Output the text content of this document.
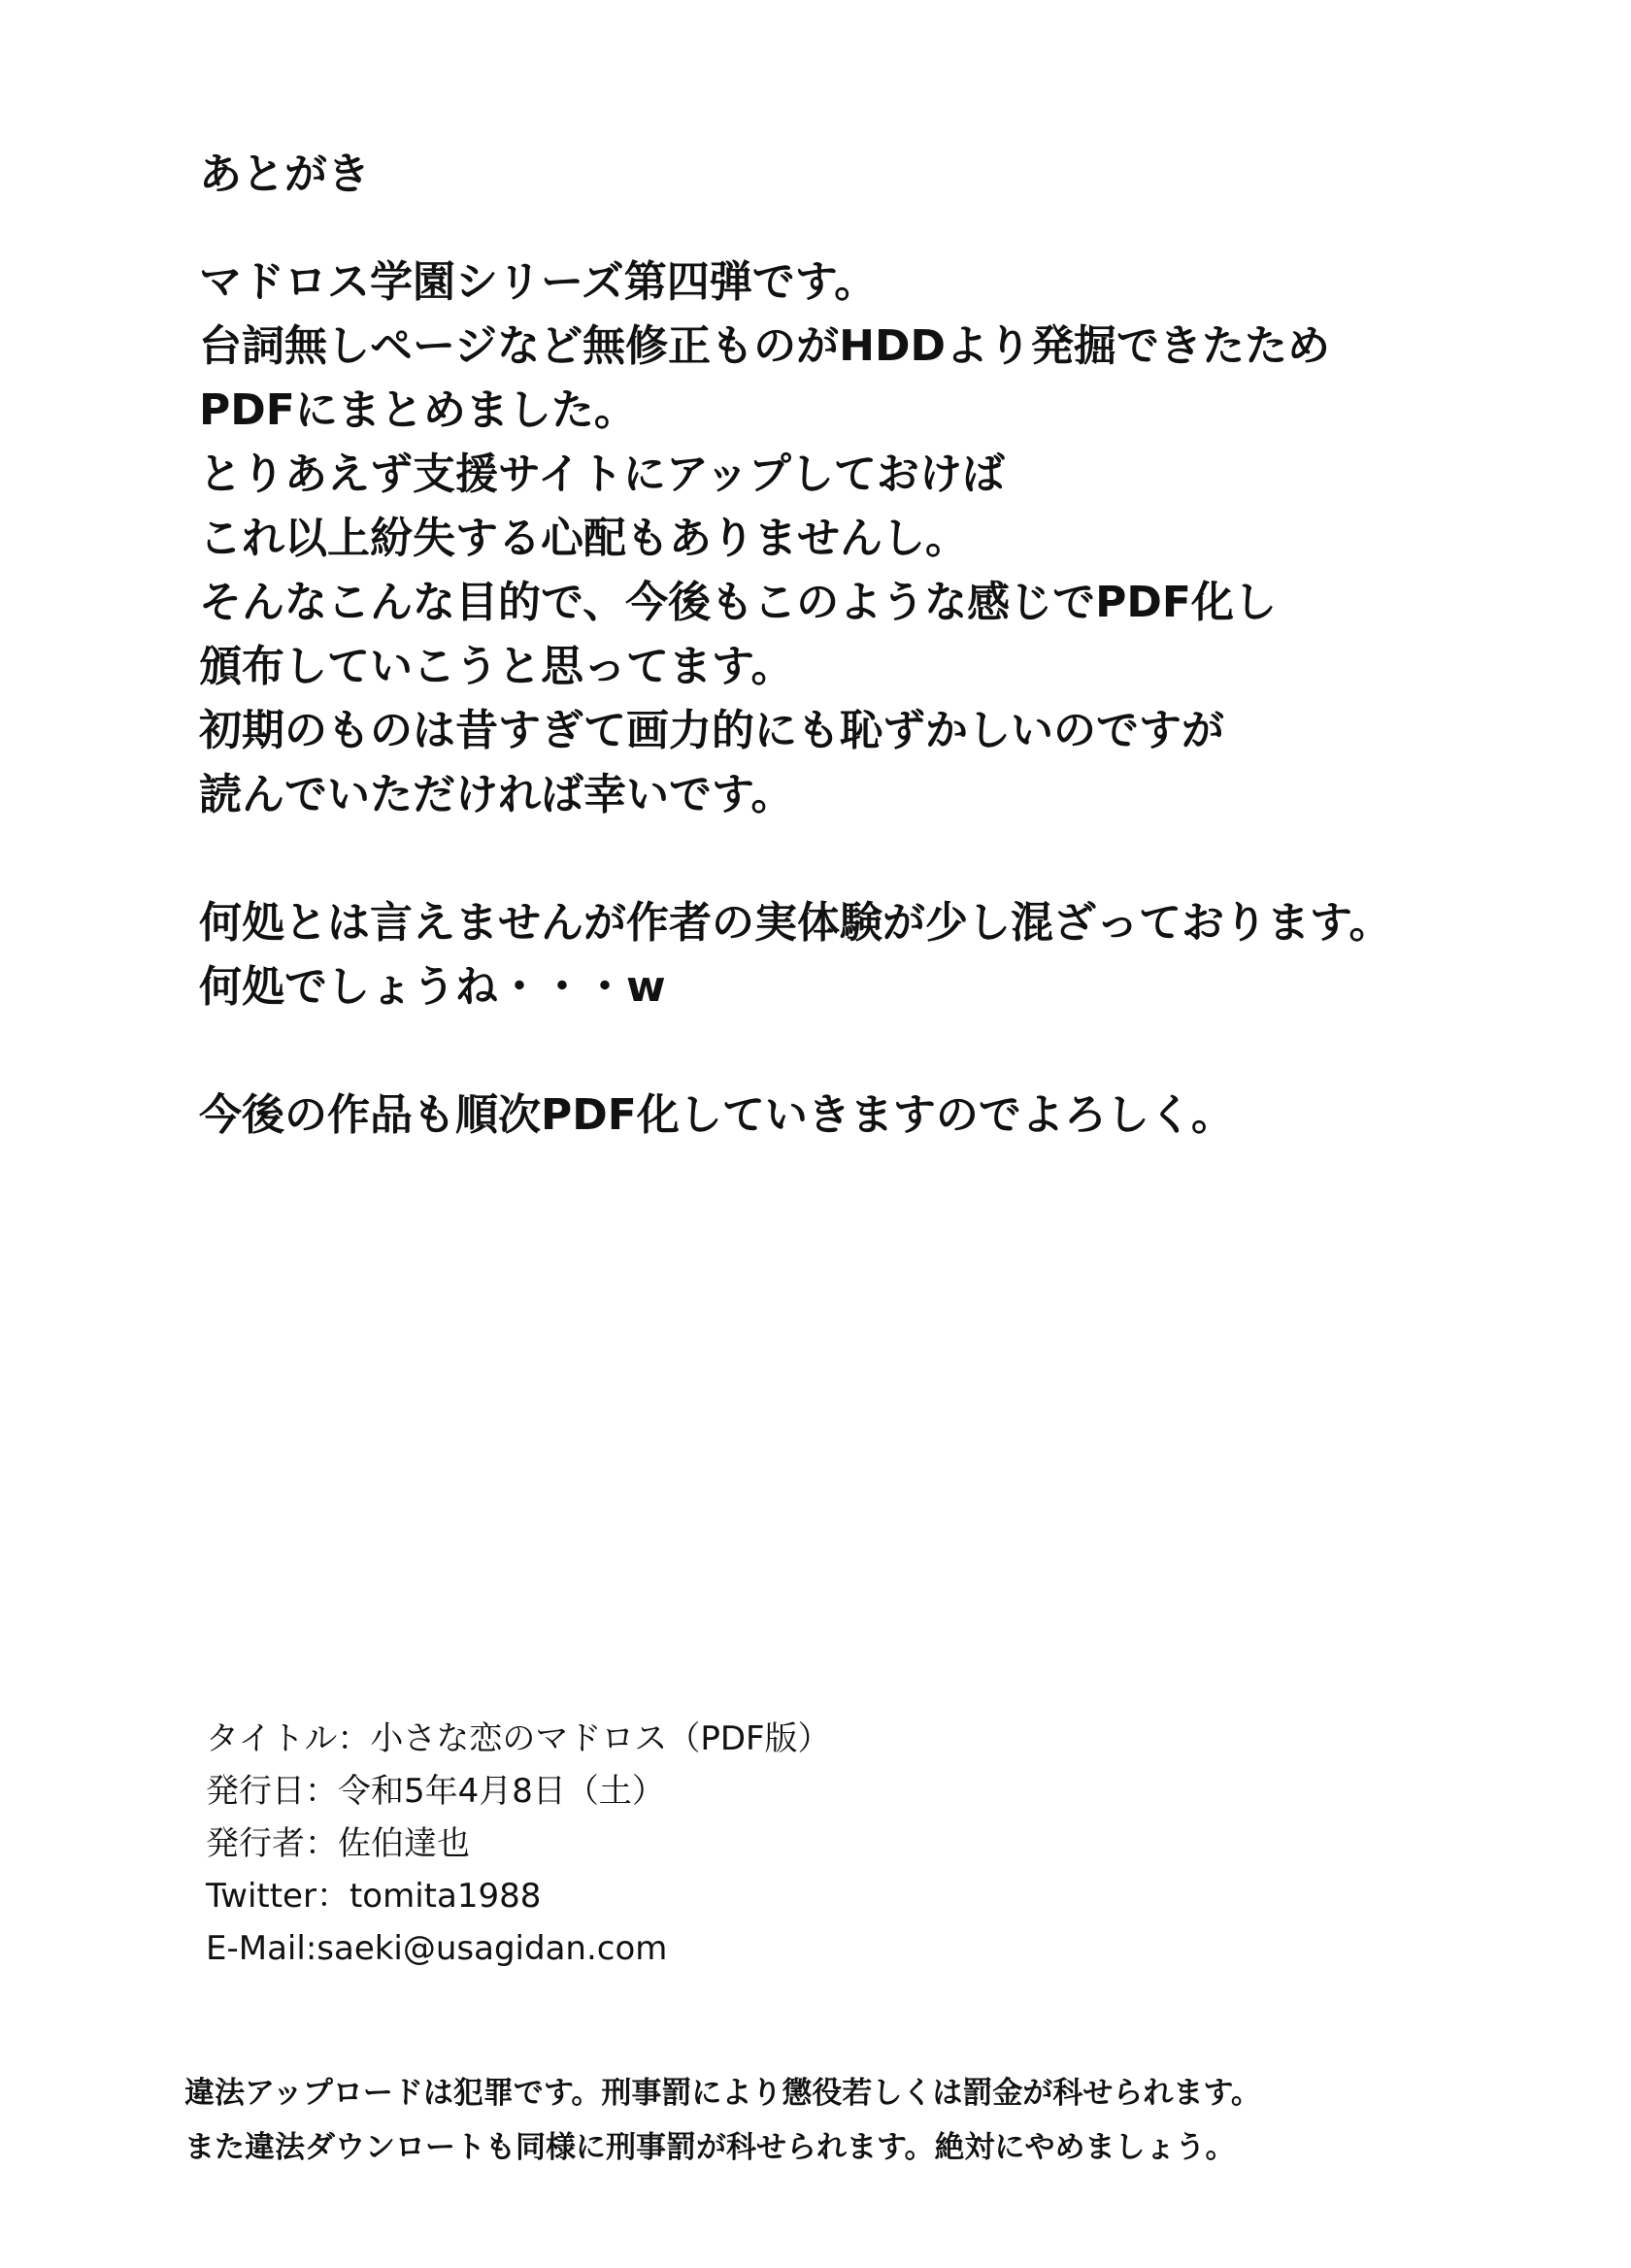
あとがき
マドロス学園シリーズ第四弾です。
台詞無しページなど無修正ものがHDDより発掘できたため
PDFにまとめました。
とりあえず支援サイトにアップしておけば
これ以上紛失する心配もありませんし。
そんなこんな目的で、今後もこのような感じでPDF化し
頒布していこうと思ってます。
初期のものは昔すぎて画力的にも恥ずかしいのですが
読んでいただければ幸いです。
何処とは言えませんが作者の実体験が少し混ざっております。
何処でしょうね・・・w
今後の作品も順次PDF化していきますのでよろしく。
タイトル：小さな恋のマドロス（PDF版）
発行日：令和5年4月8日（土）
発行者：佐伯達也
Twitter：tomita1988
E-Mail:saeki@usagidan.com
違法アップロードは犯罪です。刑事罰により懲役若しくは罰金が科せられます。
また違法ダウンロートも同様に刑事罰が科せられます。絶対にやめましょう。
